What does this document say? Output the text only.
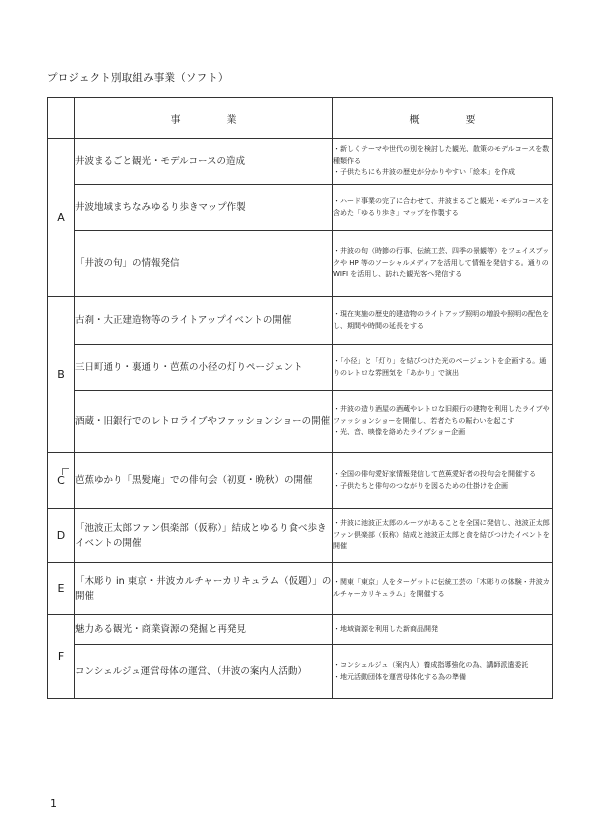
プロジェクト別取組み事業（ソフト）
	事　業	概　要
A	井波まるごと観光・モデルコースの造成	・新しくテーマや世代の別を検討した観光、散策のモデルコースを数種類作る
・子供たちにも井波の歴史が分かりやすい「絵本」を作成

	井波地域まちなみゆるり歩きマップ作製	・ハード事業の完了に合わせて、井波まるごと観光・モデルコースを含めた「ゆるり歩き」マップを作製する

	「井波の旬」の情報発信	・井波の旬（時節の行事、伝統工芸、四季の景観等）をフェイスブックや HP 等のソーシャルメディアを活用して情報を発信する。通りの WIFI を活用し、訪れた観光客へ発信する

B	古刹・大正建造物等のライトアップイベントの開催	・現在実施の歴史的建造物のライトアップ照明の増設や照明の配色をし、期間や時間の延長をする

	三日町通り・裏通り・芭蕉の小径の灯りページェント	・「小径」と「灯り」を結びつけた光のページェントを企画する。通りのレトロな雰囲気を「あかり」で演出

	酒蔵・旧銀行でのレトロライブやファッションショーの開催	・井波の造り酒屋の酒蔵やレトロな旧銀行の建物を利用したライブやファッションショーを開催し、若者たちの賑わいを起こす
・光、音、映像を絡めたライブショー企画

C	芭蕉ゆかり「黒髪庵」での俳句会（初夏・晩秋）の開催	・全国の俳句愛好家情報発信して芭蕉愛好者の投句会を開催する
・子供たちと俳句のつながりを図るための仕掛けを企画

D	「池波正太郎ファン倶楽部（仮称）」結成とゆるり食べ歩きイベントの開催	・井波に池波正太郎のルーツがあることを全国に発信し、池波正太郎ファン倶楽部（仮称）結成と池波正太郎と食を結びつけたイベントを開催

E	「木彫り in 東京・井波カルチャーカリキュラム（仮題）」の開催	・関東「東京」人をターゲットに伝統工芸の「木彫りの体験・井波カルチャーカリキュラム」を開催する

F	魅力ある観光・商業資源の発掘と再発見	・地域資源を利用した新商品開発

	コンシェルジュ運営母体の運営、（井波の案内人活動）	・コンシェルジュ（案内人）養成指導強化の為、講師派遣委託
・地元活動団体を運営母体化する為の準備
1
